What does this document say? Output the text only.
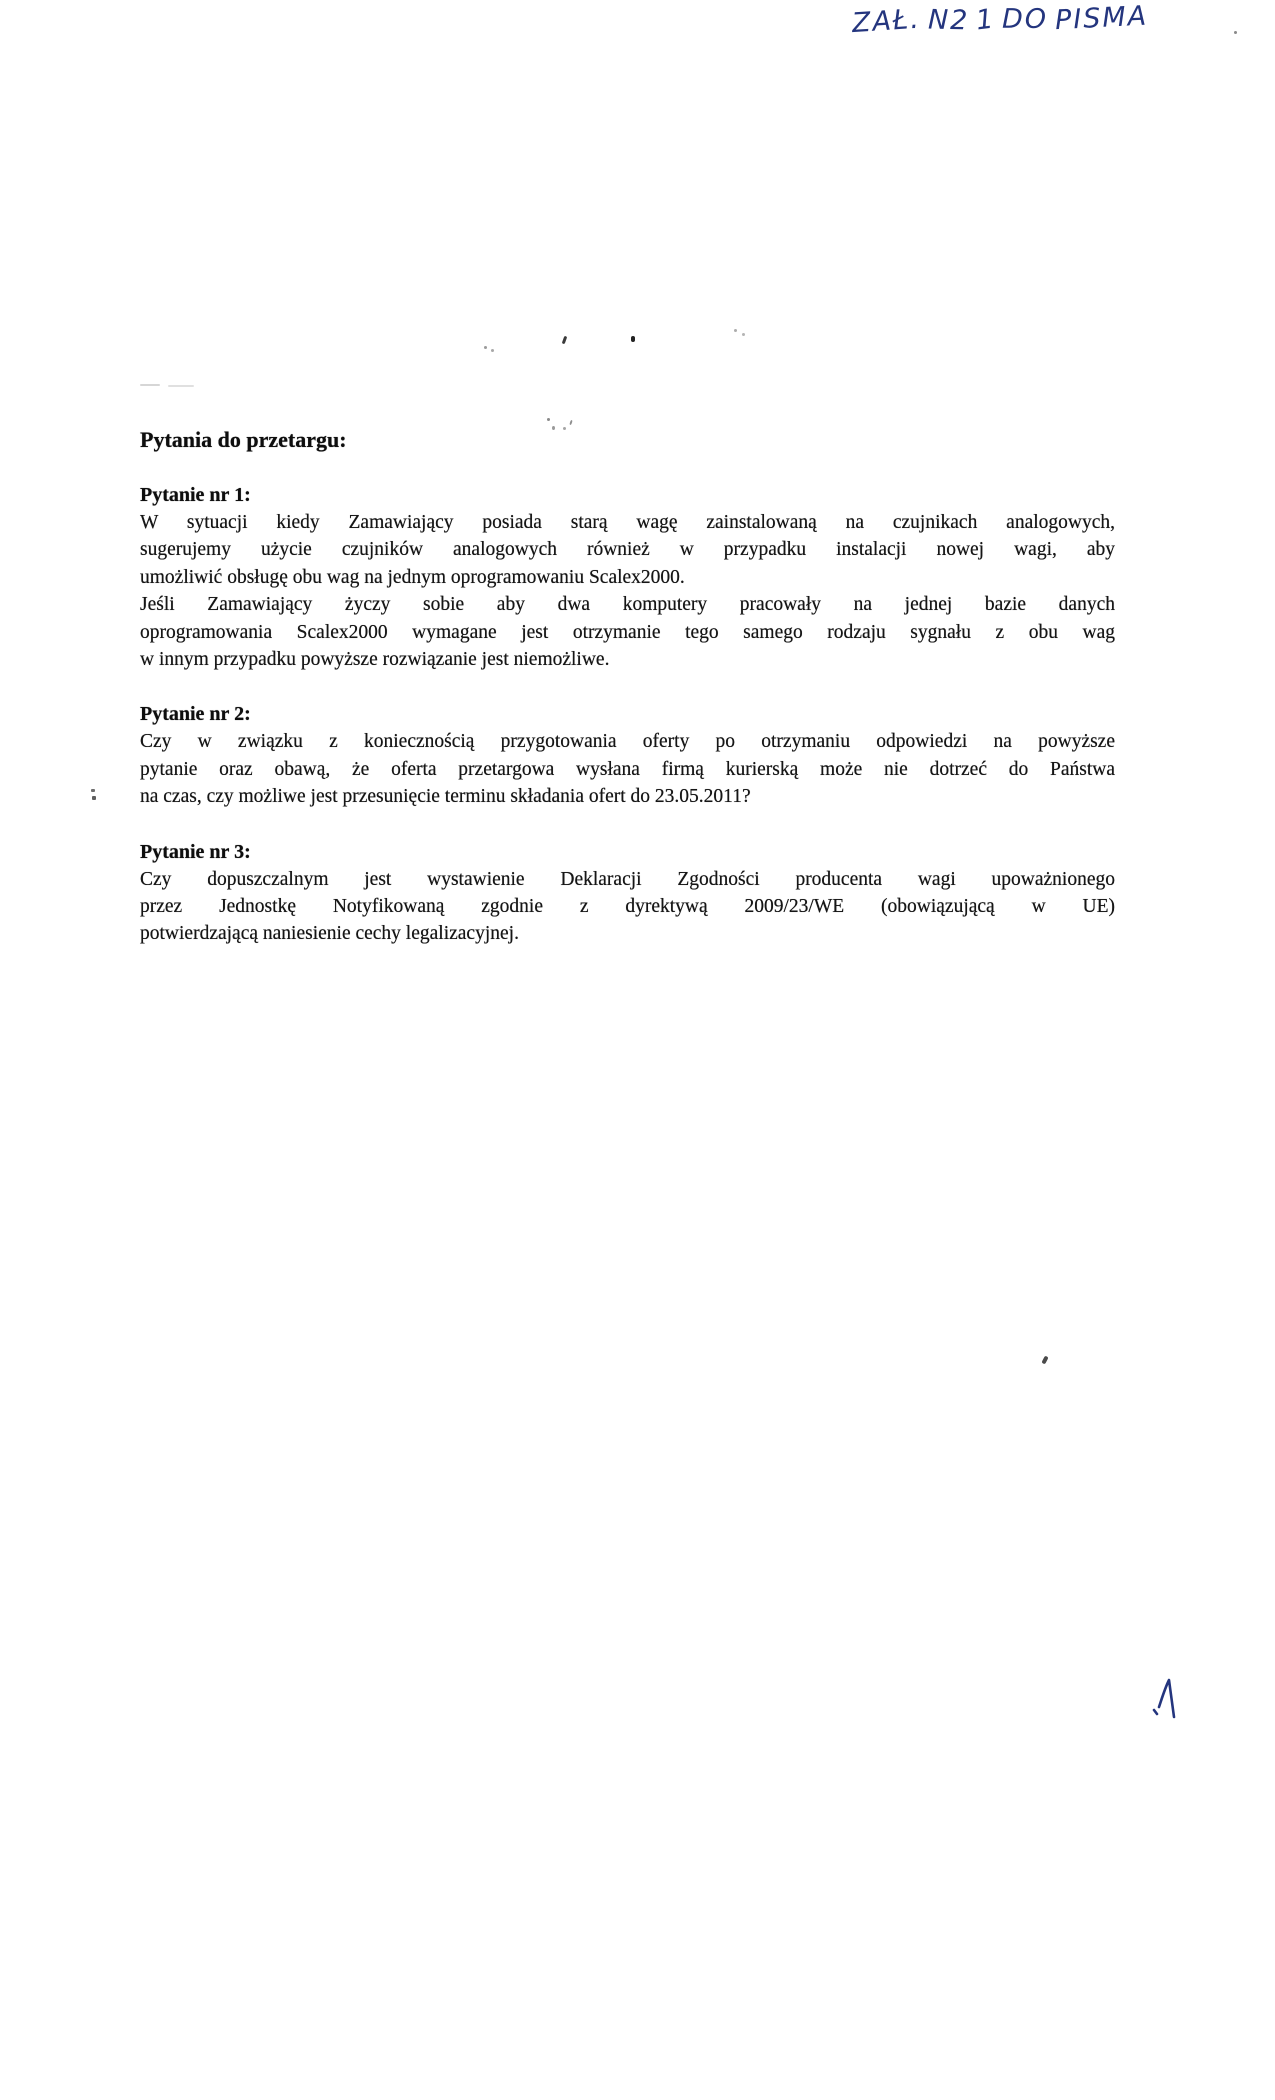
ZAŁ. N2 1 DO PISMA
Pytania do przetargu:
Pytanie nr 1:
W sytuacji kiedy Zamawiający posiada starą wagę zainstalowaną na czujnikach analogowych,
sugerujemy użycie czujników analogowych również w przypadku instalacji nowej wagi, aby
umożliwić obsługę obu wag na jednym oprogramowaniu Scalex2000.
Jeśli Zamawiający życzy sobie aby dwa komputery pracowały na jednej bazie danych
oprogramowania Scalex2000 wymagane jest otrzymanie tego samego rodzaju sygnału z obu wag
w innym przypadku powyższe rozwiązanie jest niemożliwe.
Pytanie nr 2:
Czy w związku z koniecznością przygotowania oferty po otrzymaniu odpowiedzi na powyższe
pytanie oraz obawą, że oferta przetargowa wysłana firmą kurierską może nie dotrzeć do Państwa
na czas, czy możliwe jest przesunięcie terminu składania ofert do 23.05.2011?
Pytanie nr 3:
Czy dopuszczalnym jest wystawienie Deklaracji Zgodności producenta wagi upoważnionego
przez Jednostkę Notyfikowaną zgodnie z dyrektywą 2009/23/WE (obowiązującą w UE)
potwierdzającą naniesienie cechy legalizacyjnej.
